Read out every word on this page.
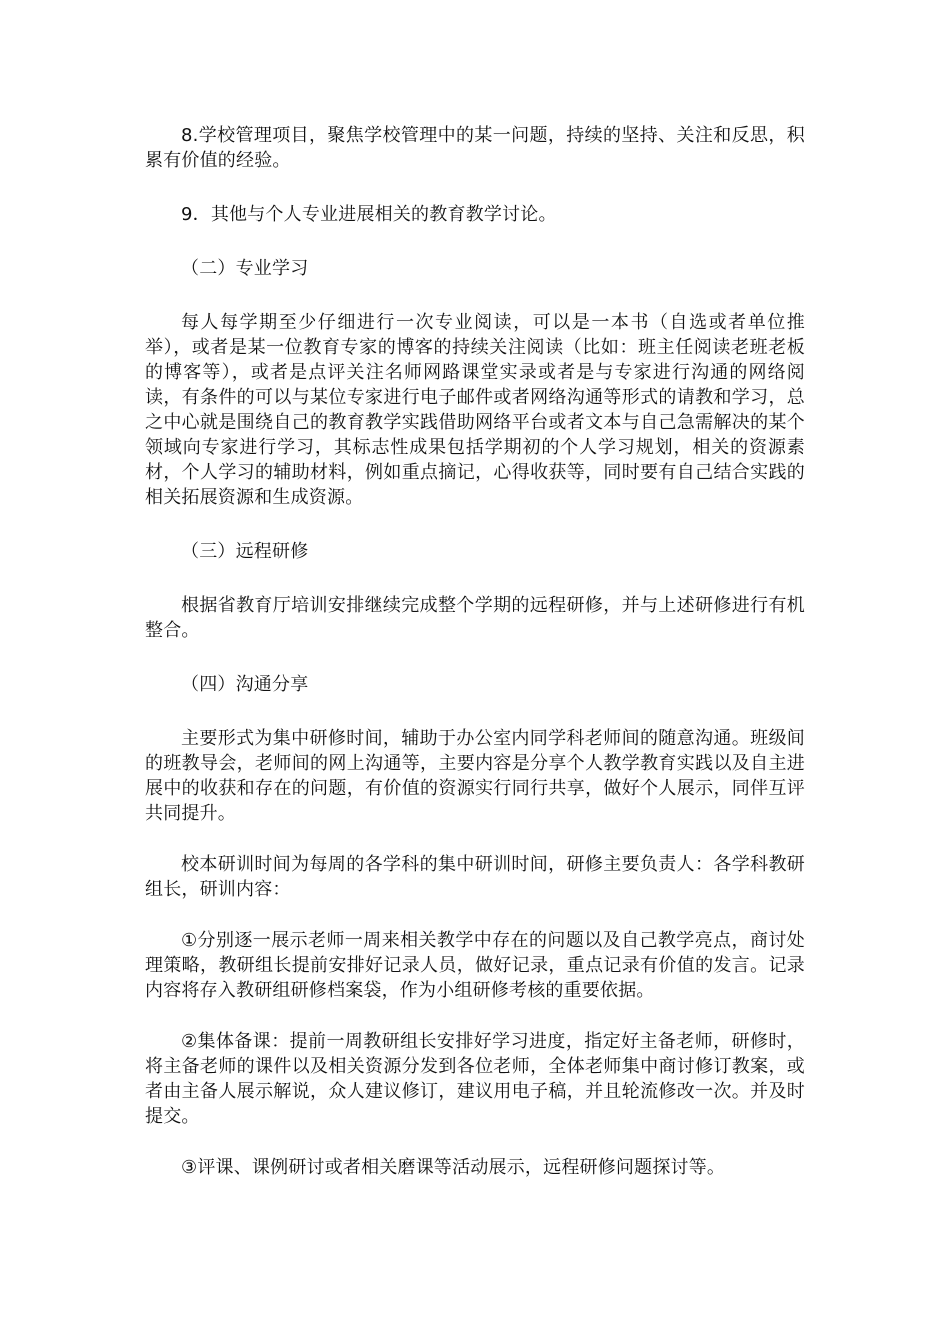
8.学校管理项目，聚焦学校管理中的某一问题，持续的坚持、关注和反思，积累有价值的经验。

9．其他与个人专业进展相关的教育教学讨论。

（二）专业学习

每人每学期至少仔细进行一次专业阅读，可以是一本书（自选或者单位推举），或者是某一位教育专家的博客的持续关注阅读（比如：班主任阅读老班老板的博客等），或者是点评关注名师网路课堂实录或者是与专家进行沟通的网络阅读，有条件的可以与某位专家进行电子邮件或者网络沟通等形式的请教和学习，总之中心就是围绕自己的教育教学实践借助网络平台或者文本与自己急需解决的某个领域向专家进行学习，其标志性成果包括学期初的个人学习规划，相关的资源素材，个人学习的辅助材料，例如重点摘记，心得收获等，同时要有自己结合实践的相关拓展资源和生成资源。

（三）远程研修

根据省教育厅培训安排继续完成整个学期的远程研修，并与上述研修进行有机整合。

（四）沟通分享

主要形式为集中研修时间，辅助于办公室内同学科老师间的随意沟通。班级间的班教导会，老师间的网上沟通等，主要内容是分享个人教学教育实践以及自主进展中的收获和存在的问题，有价值的资源实行同行共享，做好个人展示，同伴互评共同提升。

校本研训时间为每周的各学科的集中研训时间，研修主要负责人：各学科教研组长，研训内容：

①分别逐一展示老师一周来相关教学中存在的问题以及自己教学亮点，商讨处理策略，教研组长提前安排好记录人员，做好记录，重点记录有价值的发言。记录内容将存入教研组研修档案袋，作为小组研修考核的重要依据。

②集体备课：提前一周教研组长安排好学习进度，指定好主备老师，研修时，将主备老师的课件以及相关资源分发到各位老师，全体老师集中商讨修订教案，或者由主备人展示解说，众人建议修订，建议用电子稿，并且轮流修改一次。并及时提交。

③评课、课例研讨或者相关磨课等活动展示，远程研修问题探讨等。
